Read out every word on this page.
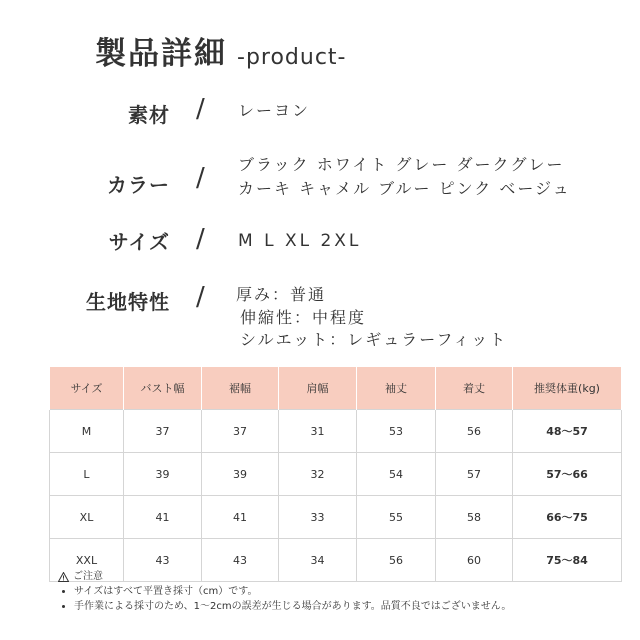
製品詳細 -product-
素材 / レーヨン
カラー / ブラック ホワイト グレー ダークグレー
カーキ キャメル ブルー ピンク ベージュ
サイズ / M L XL 2XL
生地特性 / 厚み：普通
伸縮性：中程度
シルエット：レギュラーフィット
サイズ	バスト幅	裾幅	肩幅	袖丈	着丈	推奨体重(kg)
M	37	37	31	53	56	48〜57
L	39	39	32	54	57	57〜66
XL	41	41	33	55	58	66〜75
XXL	43	43	34	56	60	75〜84
ご注意
• サイズはすべて平置き採寸（cm）です。
• 手作業による採寸のため、1〜2cmの誤差が生じる場合があります。品質不良ではございません。
